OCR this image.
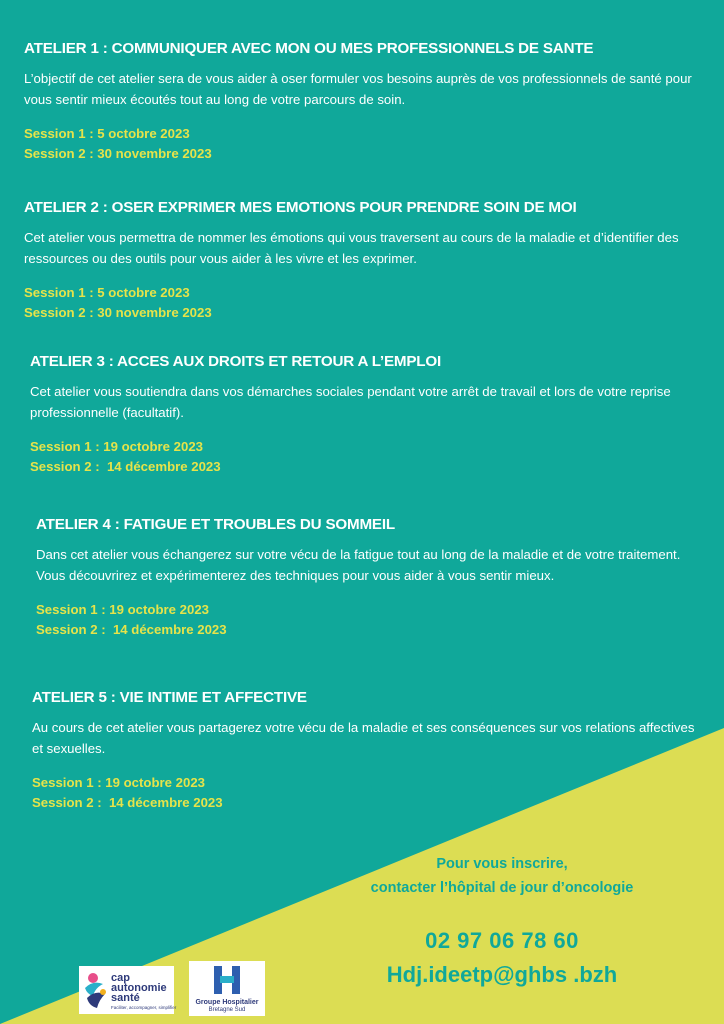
ATELIER 1 : COMMUNIQUER AVEC MON OU MES PROFESSIONNELS DE SANTE

L’objectif de cet atelier sera de vous aider à oser formuler vos besoins auprès de vos professionnels de santé pour vous sentir mieux écoutés tout au long de votre parcours de soin.

Session 1 : 5 octobre 2023
Session 2 : 30 novembre 2023
ATELIER 2 : OSER EXPRIMER MES EMOTIONS POUR PRENDRE SOIN DE MOI

Cet atelier vous permettra de nommer les émotions qui vous traversent au cours de la maladie et d’identifier des ressources ou des outils pour vous aider à les vivre et les exprimer.

Session 1 : 5 octobre 2023
Session 2 : 30 novembre 2023
ATELIER 3 : ACCES AUX DROITS ET RETOUR A L’EMPLOI

Cet atelier vous soutiendra dans vos démarches sociales pendant votre arrêt de travail et lors de votre reprise professionnelle (facultatif).

Session 1 : 19 octobre 2023
Session 2 :  14 décembre 2023
ATELIER 4 : FATIGUE ET TROUBLES DU SOMMEIL

Dans cet atelier vous échangerez sur votre vécu de la fatigue tout au long de la maladie et de votre traitement. Vous découvrirez et expérimenterez des techniques pour vous aider à vous sentir mieux.

Session 1 : 19 octobre 2023
Session 2 :  14 décembre 2023
ATELIER 5 : VIE INTIME ET AFFECTIVE

Au cours de cet atelier vous partagerez votre vécu de la maladie et ses conséquences sur vos relations affectives et sexuelles.

Session 1 : 19 octobre 2023
Session 2 :  14 décembre 2023
Pour vous inscrire,
contacter l’hôpital de jour d’oncologie
02 97 06 78 60
Hdj.ideetp@ghbs .bzh
cap
autonomie
santé
Faciliter, accompagner, simplifier
Groupe Hospitalier
Bretagne Sud
